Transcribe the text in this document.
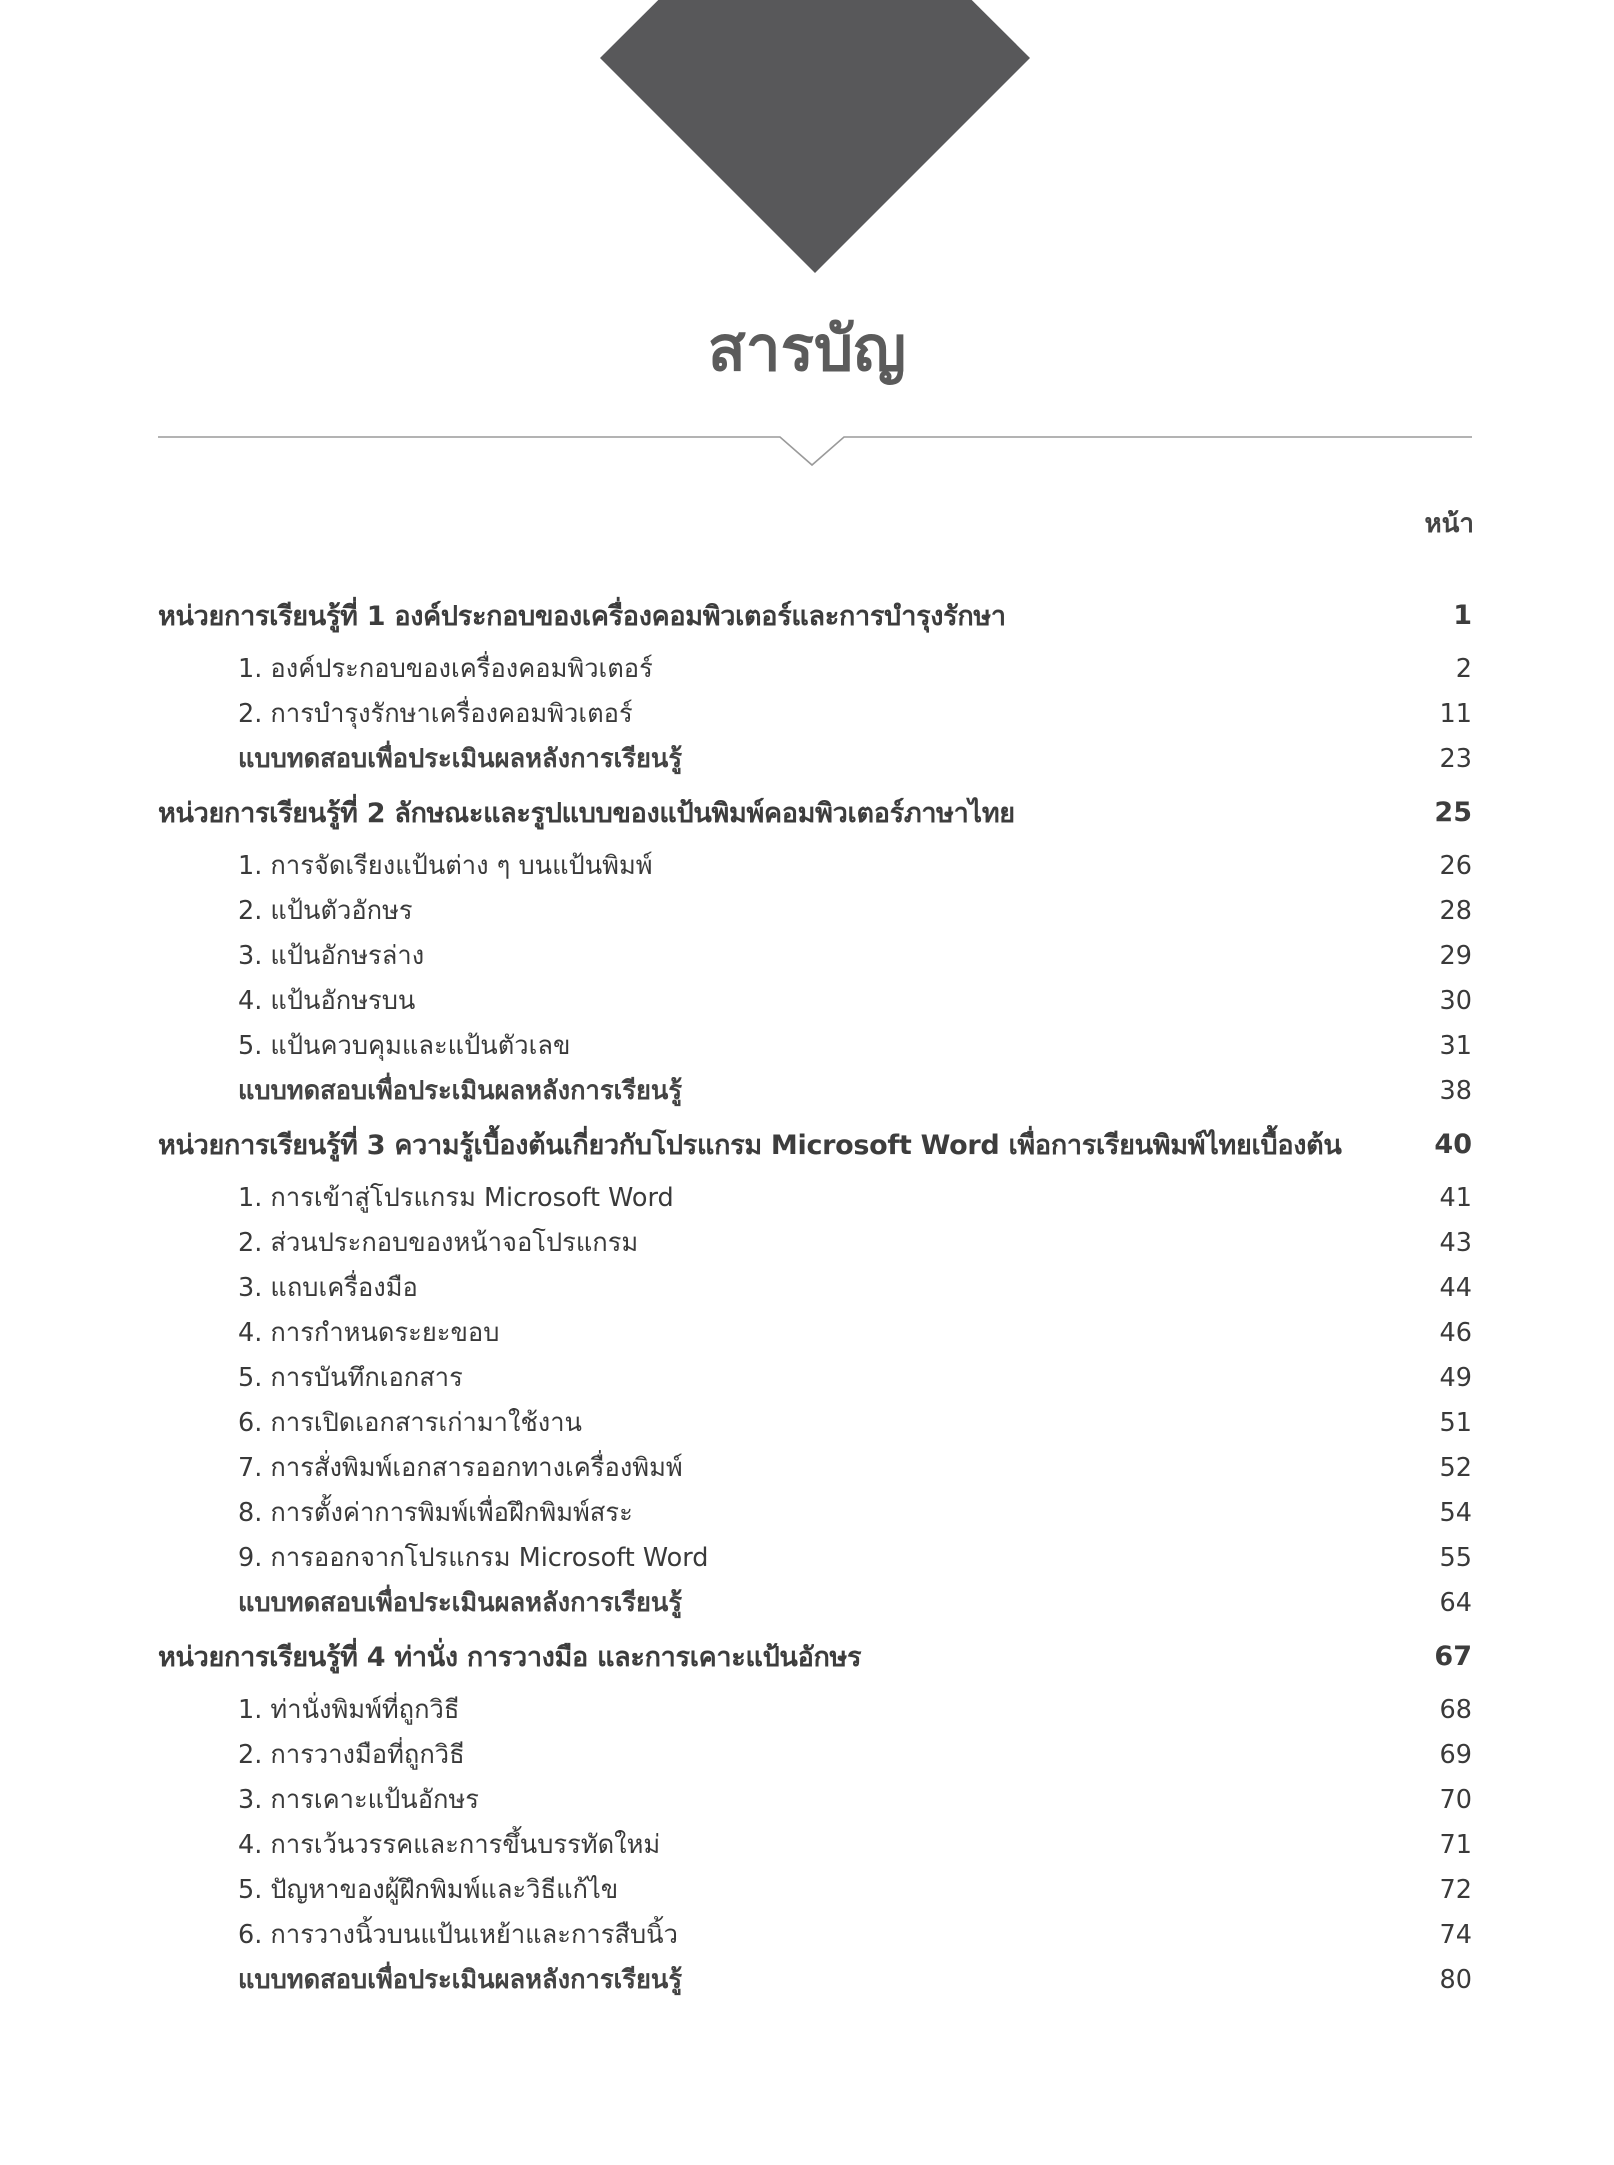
สารบัญ
หน้า
หน่วยการเรียนรู้ที่ 1 องค์ประกอบของเครื่องคอมพิวเตอร์และการบำรุงรักษา	1
1. องค์ประกอบของเครื่องคอมพิวเตอร์	2
2. การบำรุงรักษาเครื่องคอมพิวเตอร์	11
แบบทดสอบเพื่อประเมินผลหลังการเรียนรู้	23
หน่วยการเรียนรู้ที่ 2 ลักษณะและรูปแบบของแป้นพิมพ์คอมพิวเตอร์ภาษาไทย	25
1. การจัดเรียงแป้นต่าง ๆ บนแป้นพิมพ์	26
2. แป้นตัวอักษร	28
3. แป้นอักษรล่าง	29
4. แป้นอักษรบน	30
5. แป้นควบคุมและแป้นตัวเลข	31
แบบทดสอบเพื่อประเมินผลหลังการเรียนรู้	38
หน่วยการเรียนรู้ที่ 3 ความรู้เบื้องต้นเกี่ยวกับโปรแกรม Microsoft Word เพื่อการเรียนพิมพ์ไทยเบื้องต้น	40
1. การเข้าสู่โปรแกรม Microsoft Word	41
2. ส่วนประกอบของหน้าจอโปรแกรม	43
3. แถบเครื่องมือ	44
4. การกำหนดระยะขอบ	46
5. การบันทึกเอกสาร	49
6. การเปิดเอกสารเก่ามาใช้งาน	51
7. การสั่งพิมพ์เอกสารออกทางเครื่องพิมพ์	52
8. การตั้งค่าการพิมพ์เพื่อฝึกพิมพ์สระ	54
9. การออกจากโปรแกรม Microsoft Word	55
แบบทดสอบเพื่อประเมินผลหลังการเรียนรู้	64
หน่วยการเรียนรู้ที่ 4 ท่านั่ง การวางมือ และการเคาะแป้นอักษร	67
1. ท่านั่งพิมพ์ที่ถูกวิธี	68
2. การวางมือที่ถูกวิธี	69
3. การเคาะแป้นอักษร	70
4. การเว้นวรรคและการขึ้นบรรทัดใหม่	71
5. ปัญหาของผู้ฝึกพิมพ์และวิธีแก้ไข	72
6. การวางนิ้วบนแป้นเหย้าและการสืบนิ้ว	74
แบบทดสอบเพื่อประเมินผลหลังการเรียนรู้	80
